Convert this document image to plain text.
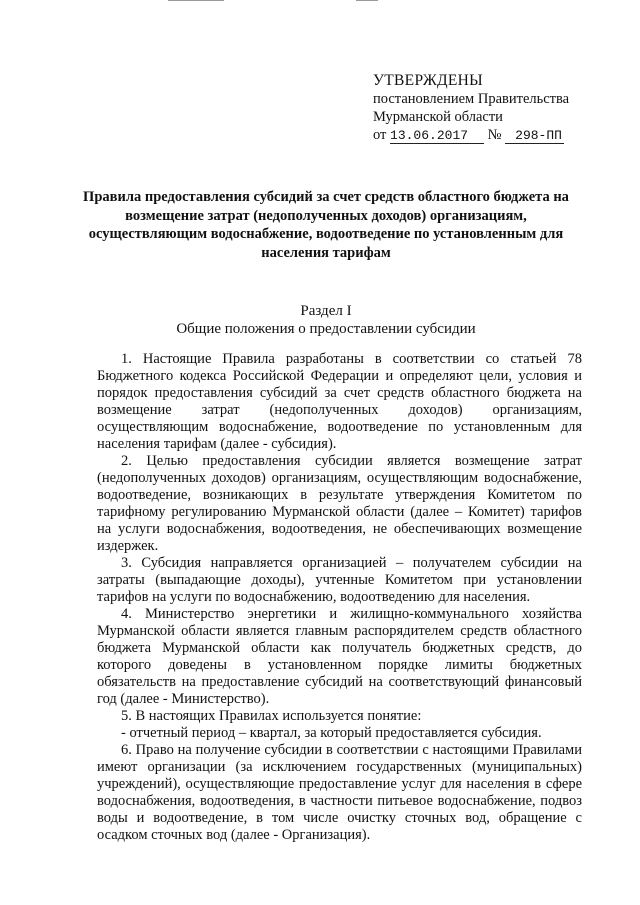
УТВЕРЖДЕНЫ
постановлением Правительства
Мурманской области
от 13.06.2017 № 298-ПП
Правила предоставления субсидий за счет средств областного бюджета на возмещение затрат (недополученных доходов) организациям, осуществляющим водоснабжение, водоотведение по установленным для населения тарифам
Раздел I
Общие положения о предоставлении субсидии

1. Настоящие Правила разработаны в соответствии со статьей 78 Бюджетного кодекса Российской Федерации и определяют цели, условия и порядок предоставления субсидий за счет средств областного бюджета на возмещение затрат (недополученных доходов) организациям, осуществляющим водоснабжение, водоотведение по установленным для населения тарифам (далее - субсидия).

2. Целью предоставления субсидии является возмещение затрат (недополученных доходов) организациям, осуществляющим водоснабжение, водоотведение, возникающих в результате утверждения Комитетом по тарифному регулированию Мурманской области (далее – Комитет) тарифов на услуги водоснабжения, водоотведения, не обеспечивающих возмещение издержек.

3. Субсидия направляется организацией – получателем субсидии на затраты (выпадающие доходы), учтенные Комитетом при установлении тарифов на услуги по водоснабжению, водоотведению для населения.

4. Министерство энергетики и жилищно-коммунального хозяйства Мурманской области является главным распорядителем средств областного бюджета Мурманской области как получатель бюджетных средств, до которого доведены в установленном порядке лимиты бюджетных обязательств на предоставление субсидий на соответствующий финансовый год (далее - Министерство).

5. В настоящих Правилах используется понятие:

- отчетный период – квартал, за который предоставляется субсидия.

6. Право на получение субсидии в соответствии с настоящими Правилами имеют организации (за исключением государственных (муниципальных) учреждений), осуществляющие предоставление услуг для населения в сфере водоснабжения, водоотведения, в частности питьевое водоснабжение, подвоз воды и водоотведение, в том числе очистку сточных вод, обращение с осадком сточных вод (далее - Организация).
